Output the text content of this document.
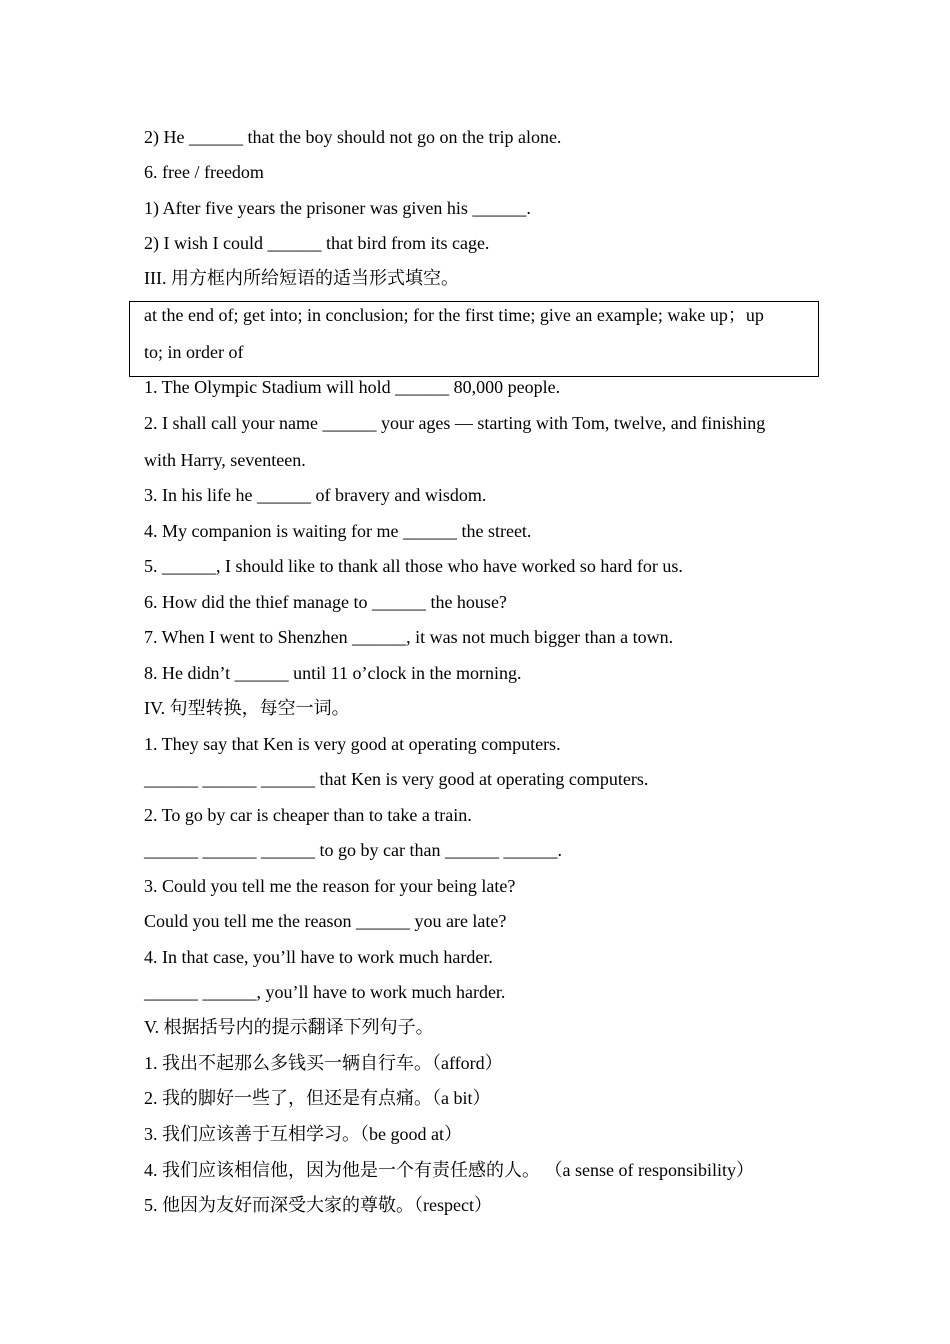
2) He ______ that the boy should not go on the trip alone.
6. free / freedom
1) After five years the prisoner was given his ______.
2) I wish I could ______ that bird from its cage.
III. 用方框内所给短语的适当形式填空。
at the end of; get into; in conclusion; for the first time; give an example; wake up；up
to; in order of
1. The Olympic Stadium will hold ______ 80,000 people.
2. I shall call your name ______ your ages — starting with Tom, twelve, and finishing
with Harry, seventeen.
3. In his life he ______ of bravery and wisdom.
4. My companion is waiting for me ______ the street.
5. ______, I should like to thank all those who have worked so hard for us.
6. How did the thief manage to ______ the house?
7. When I went to Shenzhen ______, it was not much bigger than a town.
8. He didn’t ______ until 11 o’clock in the morning.
IV. 句型转换，每空一词。
1. They say that Ken is very good at operating computers.
______ ______ ______ that Ken is very good at operating computers.
2. To go by car is cheaper than to take a train.
______ ______ ______ to go by car than ______ ______.
3. Could you tell me the reason for your being late?
Could you tell me the reason ______ you are late?
4. In that case, you’ll have to work much harder.
______ ______, you’ll have to work much harder.
V. 根据括号内的提示翻译下列句子。
1. 我出不起那么多钱买一辆自行车。（afford）
2. 我的脚好一些了，但还是有点痛。（a bit）
3. 我们应该善于互相学习。（be good at）
4. 我们应该相信他，因为他是一个有责任感的人。 （a sense of responsibility）
5. 他因为友好而深受大家的尊敬。（respect）
